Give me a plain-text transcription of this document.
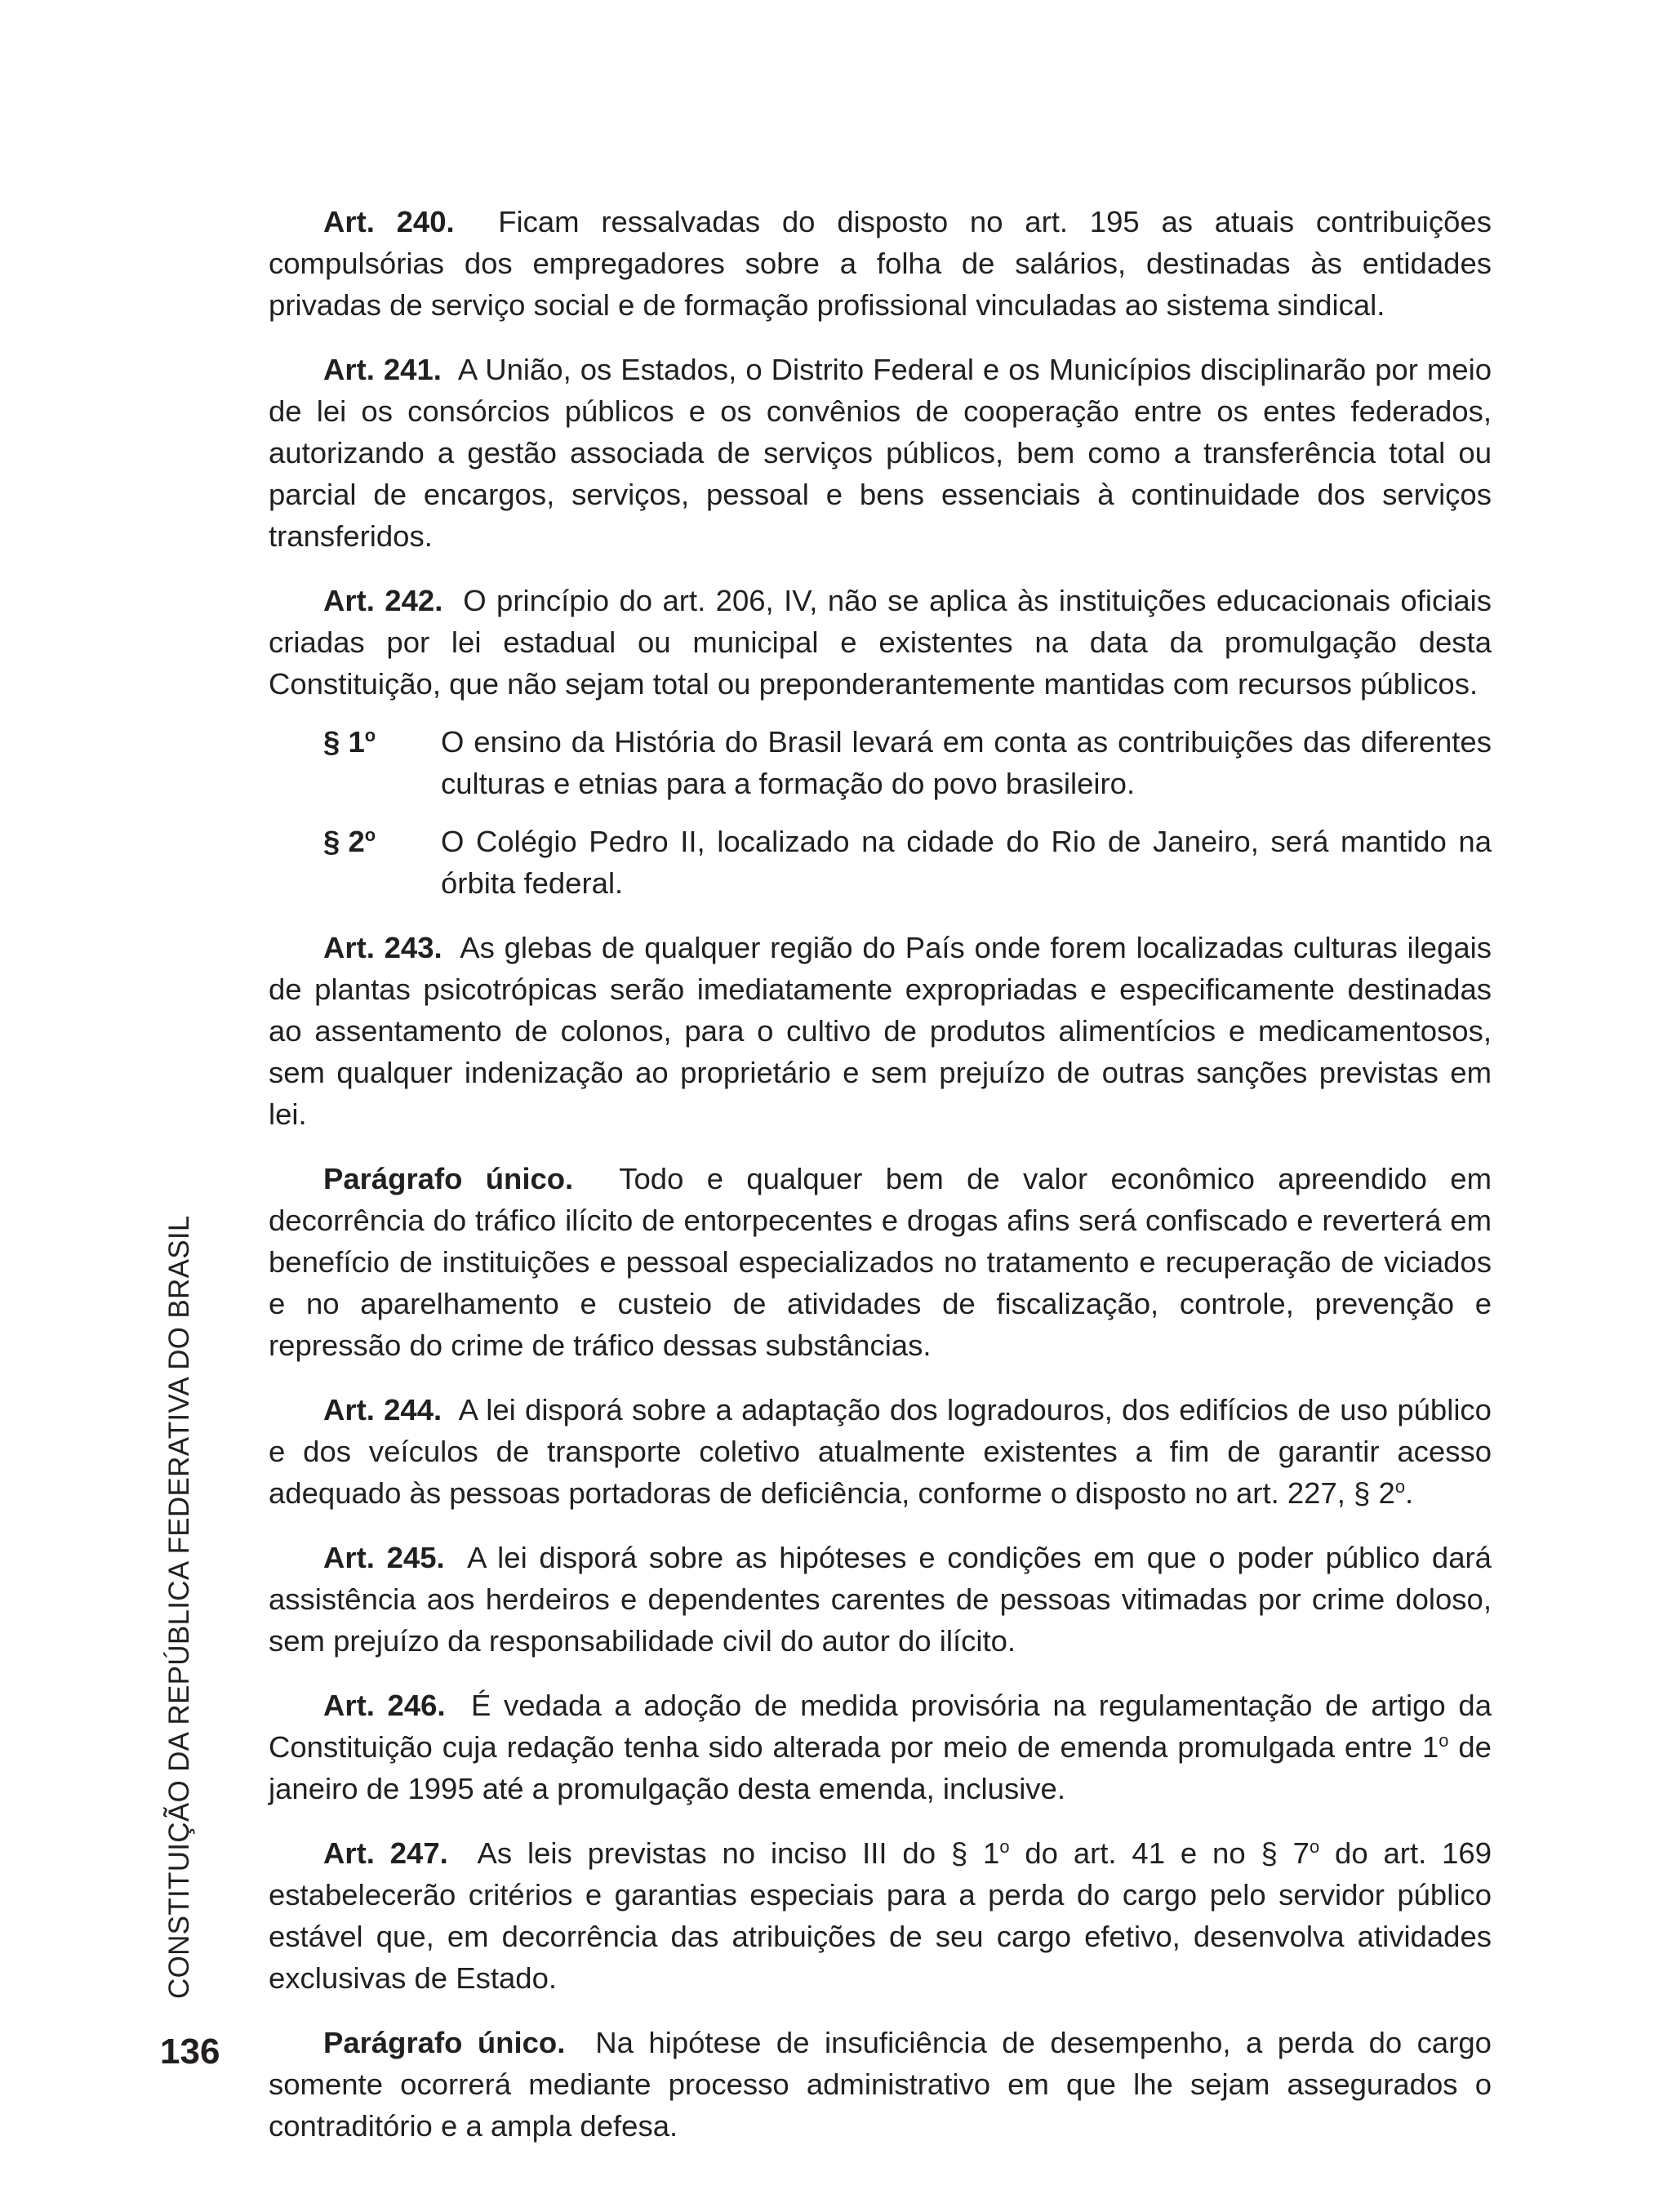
CONSTITUIÇÃO DA REPÚBLICA FEDERATIVA DO BRASIL
136

Art. 240. Ficam ressalvadas do disposto no art. 195 as atuais contribuições compulsórias dos empregadores sobre a folha de salários, destinadas às entidades privadas de serviço social e de formação profissional vinculadas ao sistema sindical.

Art. 241. A União, os Estados, o Distrito Federal e os Municípios disciplinarão por meio de lei os consórcios públicos e os convênios de cooperação entre os entes federados, autorizando a gestão associada de serviços públicos, bem como a transferência total ou parcial de encargos, serviços, pessoal e bens essenciais à continuidade dos serviços transferidos.

Art. 242. O princípio do art. 206, IV, não se aplica às instituições educacionais oficiais criadas por lei estadual ou municipal e existentes na data da promulgação desta Constituição, que não sejam total ou preponderantemente mantidas com recursos públicos.

§ 1$^o$ O ensino da História do Brasil levará em conta as contribuições das diferentes culturas e etnias para a formação do povo brasileiro.
§ 2$^o$ O Colégio Pedro II, localizado na cidade do Rio de Janeiro, será mantido na órbita federal.

Art. 243. As glebas de qualquer região do País onde forem localizadas culturas ilegais de plantas psicotrópicas serão imediatamente expropriadas e especificamente destinadas ao assentamento de colonos, para o cultivo de produtos alimentícios e medicamentosos, sem qualquer indenização ao proprietário e sem prejuízo de outras sanções previstas em lei.

Parágrafo único. Todo e qualquer bem de valor econômico apreendido em decorrência do tráfico ilícito de entorpecentes e drogas afins será confiscado e reverterá em benefício de instituições e pessoal especializados no tratamento e recuperação de viciados e no aparelhamento e custeio de atividades de fiscalização, controle, prevenção e repressão do crime de tráfico dessas substâncias.

Art. 244. A lei disporá sobre a adaptação dos logradouros, dos edifícios de uso público e dos veículos de transporte coletivo atualmente existentes a fim de garantir acesso adequado às pessoas portadoras de deficiência, conforme o disposto no art. 227, § 2$^o$.

Art. 245. A lei disporá sobre as hipóteses e condições em que o poder público dará assistência aos herdeiros e dependentes carentes de pessoas vitimadas por crime doloso, sem prejuízo da responsabilidade civil do autor do ilícito.

Art. 246. É vedada a adoção de medida provisória na regulamentação de artigo da Constituição cuja redação tenha sido alterada por meio de emenda promulgada entre 1$^o$ de janeiro de 1995 até a promulgação desta emenda, inclusive.

Art. 247. As leis previstas no inciso III do § 1$^o$ do art. 41 e no § 7$^o$ do art. 169 estabelecerão critérios e garantias especiais para a perda do cargo pelo servidor público estável que, em decorrência das atribuições de seu cargo efetivo, desenvolva atividades exclusivas de Estado.

Parágrafo único. Na hipótese de insuficiência de desempenho, a perda do cargo somente ocorrerá mediante processo administrativo em que lhe sejam assegurados o contraditório e a ampla defesa.
